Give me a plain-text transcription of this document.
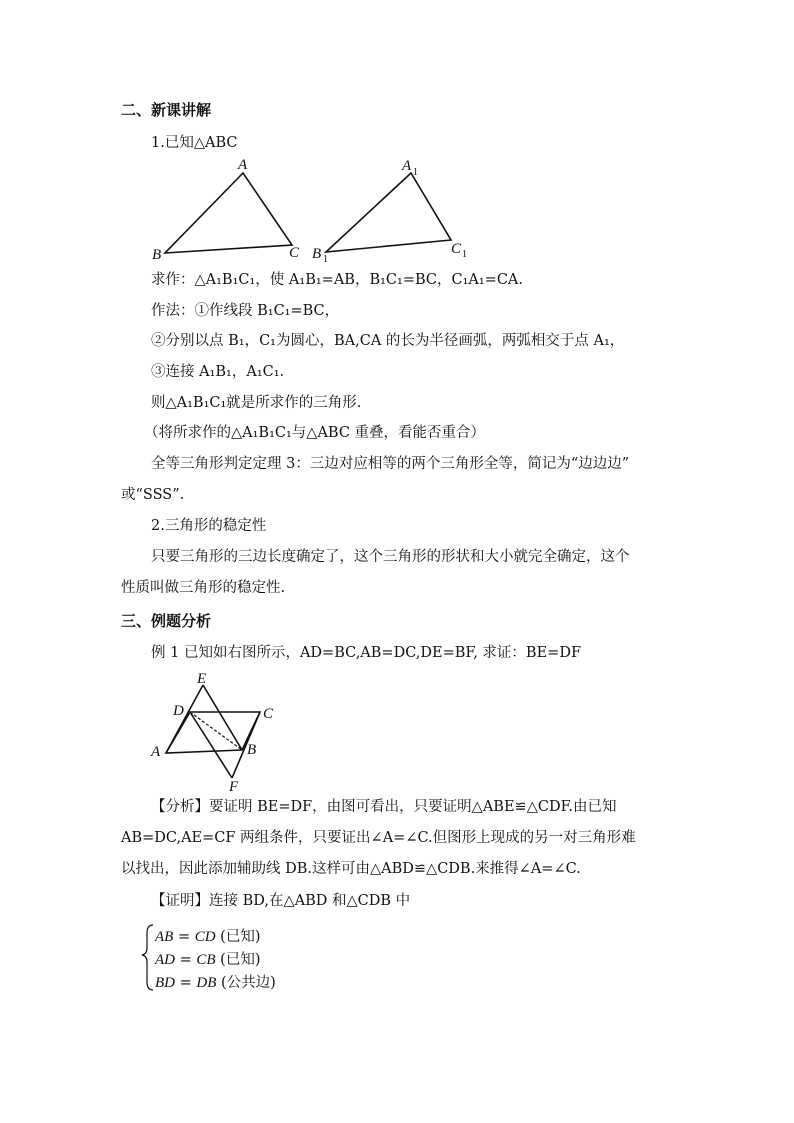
二、新课讲解
1.已知△ABC
A
B	C
A 1
B 1
C 1
求作：△A₁B₁C₁，使 A₁B₁=AB，B₁C₁=BC，C₁A₁=CA.
作法：①作线段 B₁C₁=BC，
②分别以点 B₁，C₁为圆心，BA,CA 的长为半径画弧，两弧相交于点 A₁，
③连接 A₁B₁，A₁C₁.
则△A₁B₁C₁就是所求作的三角形.
（将所求作的△A₁B₁C₁与△ABC 重叠，看能否重合）
全等三角形判定定理 3：三边对应相等的两个三角形全等，简记为“边边边”
或“SSS”.
2.三角形的稳定性
只要三角形的三边长度确定了，这个三角形的形状和大小就完全确定，这个
性质叫做三角形的稳定性.
三、例题分析
例 1 已知如右图所示，AD=BC,AB=DC,DE=BF, 求证：BE=DF
E
D	C
A	B
F
【分析】要证明 BE=DF，由图可看出，只要证明△ABE≌△CDF.由已知
AB=DC,AE=CF 两组条件，只要证出∠A=∠C.但图形上现成的另一对三角形难
以找出，因此添加辅助线 DB.这样可由△ABD≌△CDB.来推得∠A=∠C.
【证明】连接 BD,在△ABD 和△CDB 中
AB = CD (已知)
AD = CB (已知)
BD = DB (公共边)
